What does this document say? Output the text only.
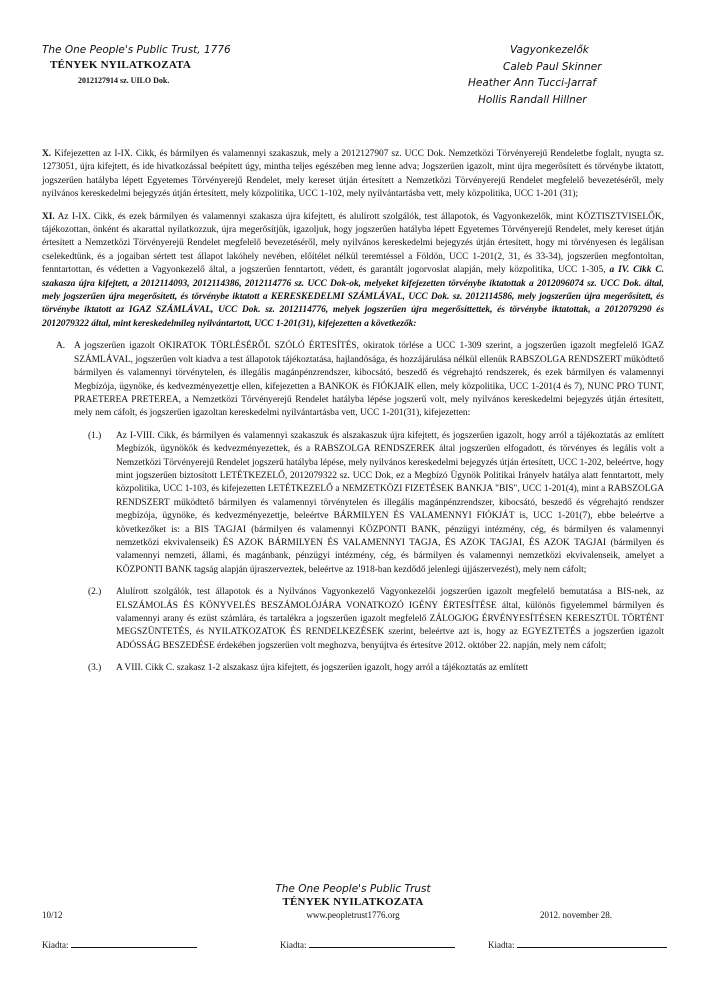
The One People's Public Trust, 1776
TÉNYEK NYILATKOZATA
2012127914 sz. UILO Dok.
Vagyonkezelők
Caleb Paul Skinner
Heather Ann Tucci-Jarraf
Hollis Randall Hillner

X. Kifejezetten az I-IX. Cikk, és bármilyen és valamennyi szakaszuk, mely a 2012127907 sz. UCC Dok. Nemzetközi Törvényerejű Rendeletbe foglalt, nyugta sz. 1273051, újra kifejtett, és ide hivatkozással beépített úgy, mintha teljes egészében meg lenne adva; Jogszerűen igazolt, mint újra megerősített és törvénybe iktatott, jogszerűen hatályba lépett Egyetemes Törvényerejű Rendelet, mely kereset útján értesített a Nemzetközi Törvényerejű Rendelet megfelelő bevezetéséről, mely nyilvános kereskedelmi bejegyzés útján értesített, mely közpolitika, UCC 1-102, mely nyilvántartásba vett, mely közpolitika, UCC 1-201 (31);

XI. Az I-IX. Cikk, és ezek bármilyen és valamennyi szakasza újra kifejtett, és alulírott szolgálók, test állapotok, és Vagyonkezelők, mint KÖZTISZTVISELŐK, tájékozottan, önként és akarattal nyilatkozzuk, újra megerősítjük, igazoljuk, hogy jogszerűen hatályba lépett Egyetemes Törvényerejű Rendelet, mely kereset útján értesített a Nemzetközi Törvényerejű Rendelet megfelelő bevezetéséről, mely nyilvános kereskedelmi bejegyzés útján értesített, hogy mi törvényesen és legálisan cselekedtünk, és a jogaiban sértett test állapot lakóhely nevében, előítélet nélkül teremtéssel a Földön, UCC 1-201(2, 31, és 33-34), jogszerűen megfontoltan, fenntartottan, és védetten a Vagyonkezelő által, a jogszerűen fenntartott, védett, és garantált jogorvoslat alapján, mely közpolitika, UCC 1-305, a IV. Cikk C. szakasza újra kifejtett, a 2012114093, 2012114386, 2012114776 sz. UCC Dok-ok, melyeket kifejezetten törvénybe iktatottak a 2012096074 sz. UCC Dok. által, mely jogszerűen újra megerősített, és törvénybe iktatott a KERESKEDELMI SZÁMLÁVAL, UCC Dok. sz. 2012114586, mely jogszerűen újra megerősített, és törvénybe iktatott az IGAZ SZÁMLÁVAL, UCC Dok. sz. 2012114776, melyek jogszerűen újra megerősíttettek, és törvénybe iktatottak, a 2012079290 és 2012079322 által, mint kereskedelmileg nyilvántartott, UCC 1-201(31), kifejezetten a következők:

A. A jogszerűen igazolt OKIRATOK TÖRLÉSÉRŐL SZÓLÓ ÉRTESÍTÉS, okiratok törlése a UCC 1-309 szerint, a jogszerűen igazolt megfelelő IGAZ SZÁMLÁVAL, jogszerűen volt kiadva a test állapotok tájékoztatása, hajlandósága, és hozzájárulása nélkül ellenük RABSZOLGA RENDSZERT működtető bármilyen és valamennyi törvénytelen, és illegális magánpénzrendszer, kibocsátó, beszedő és végrehajtó rendszerek, és ezek bármilyen és valamennyi Megbízója, ügynöke, és kedvezményezettje ellen, kifejezetten a BANKOK és FIÓKJAIK ellen, mely közpolitika, UCC 1-201(4 és 7), NUNC PRO TUNT, PRAETEREA PRETEREA, a Nemzetközi Törvényerejű Rendelet hatályba lépése jogszerű volt, mely nyilvános kereskedelmi bejegyzés útján értesített, mely nem cáfolt, és jogszerűen igazoltan kereskedelmi nyilvántartásba vett, UCC 1-201(31), kifejezetten:
(1.) Az I-VIII. Cikk, és bármilyen és valamennyi szakaszuk és alszakaszuk újra kifejtett, és jogszerűen igazolt, hogy arról a tájékoztatás az említett Megbízók, ügynökök és kedvezményezettek, és a RABSZOLGA RENDSZEREK által jogszerűen elfogadott, és törvényes és legális volt a Nemzetközi Törvényerejű Rendelet jogszerű hatályba lépése, mely nyilvános kereskedelmi bejegyzés útján értesített, UCC 1-202, beleértve, hogy mint jogszerűen biztosított LETÉTKEZELŐ, 2012079322 sz. UCC Dok, ez a Megbízó Ügynök Politikai Irányelv hatálya alatt fenntartott, mely közpolitika, UCC 1-103, és kifejezetten LETÉTKEZELŐ a NEMZETKÖZI FIZETÉSEK BANKJA "BIS", UCC 1-201(4), mint a RABSZOLGA RENDSZERT működtető bármilyen és valamennyi törvénytelen és illegális magánpénzrendszer, kibocsátó, beszedő és végrehajtó rendszer megbízója, ügynöke, és kedvezményezettje, beleértve BÁRMILYEN ÉS VALAMENNYI FIÓKJÁT is, UCC 1-201(7), ebbe beleértve a következőket is: a BIS TAGJAI (bármilyen és valamennyi KÖZPONTI BANK, pénzügyi intézmény, cég, és bármilyen és valamennyi nemzetközi ekvivalenseik) ÉS AZOK BÁRMILYEN ÉS VALAMENNYI TAGJA, ÉS AZOK TAGJAI, ÉS AZOK TAGJAI (bármilyen és valamennyi nemzeti, állami, és magánbank, pénzügyi intézmény, cég, és bármilyen és valamennyi nemzetközi ekvivalenseik, amelyet a KÖZPONTI BANK tagság alapján újraszerveztek, beleértve az 1918-ban kezdődő jelenlegi újjászervezést), mely nem cáfolt;
(2.) Alulírott szolgálók, test állapotok és a Nyilvános Vagyonkezelő Vagyonkezelői jogszerűen igazolt megfelelő bemutatása a BIS-nek, az ELSZÁMOLÁS ÉS KÖNYVELÉS BESZÁMOLÓJÁRA VONATKOZÓ IGÉNY ÉRTESÍTÉSE által, különös figyelemmel bármilyen és valamennyi arany és ezüst számlára, és tartalékra a jogszerűen igazolt megfelelő ZÁLOGJOG ÉRVÉNYESÍTÉSEN KERESZTÜL TÖRTÉNT MEGSZÜNTETÉS, és NYILATKOZATOK ÉS RENDELKEZÉSEK szerint, beleértve azt is, hogy az EGYEZTETÉS a jogszerűen igazolt ADÓSSÁG BESZEDÉSE érdekében jogszerűen volt meghozva, benyújtva és értesítve 2012. október 22. napján, mely nem cáfolt;
(3.) A VIII. Cikk C. szakasz 1-2 alszakasz újra kifejtett, és jogszerűen igazolt, hogy arról a tájékoztatás az említett
The One People's Public Trust
TÉNYEK NYILATKOZATA
10/12	www.peopletrust1776.org	2012. november 28.
Kiadta:	Kiadta:	Kiadta:
